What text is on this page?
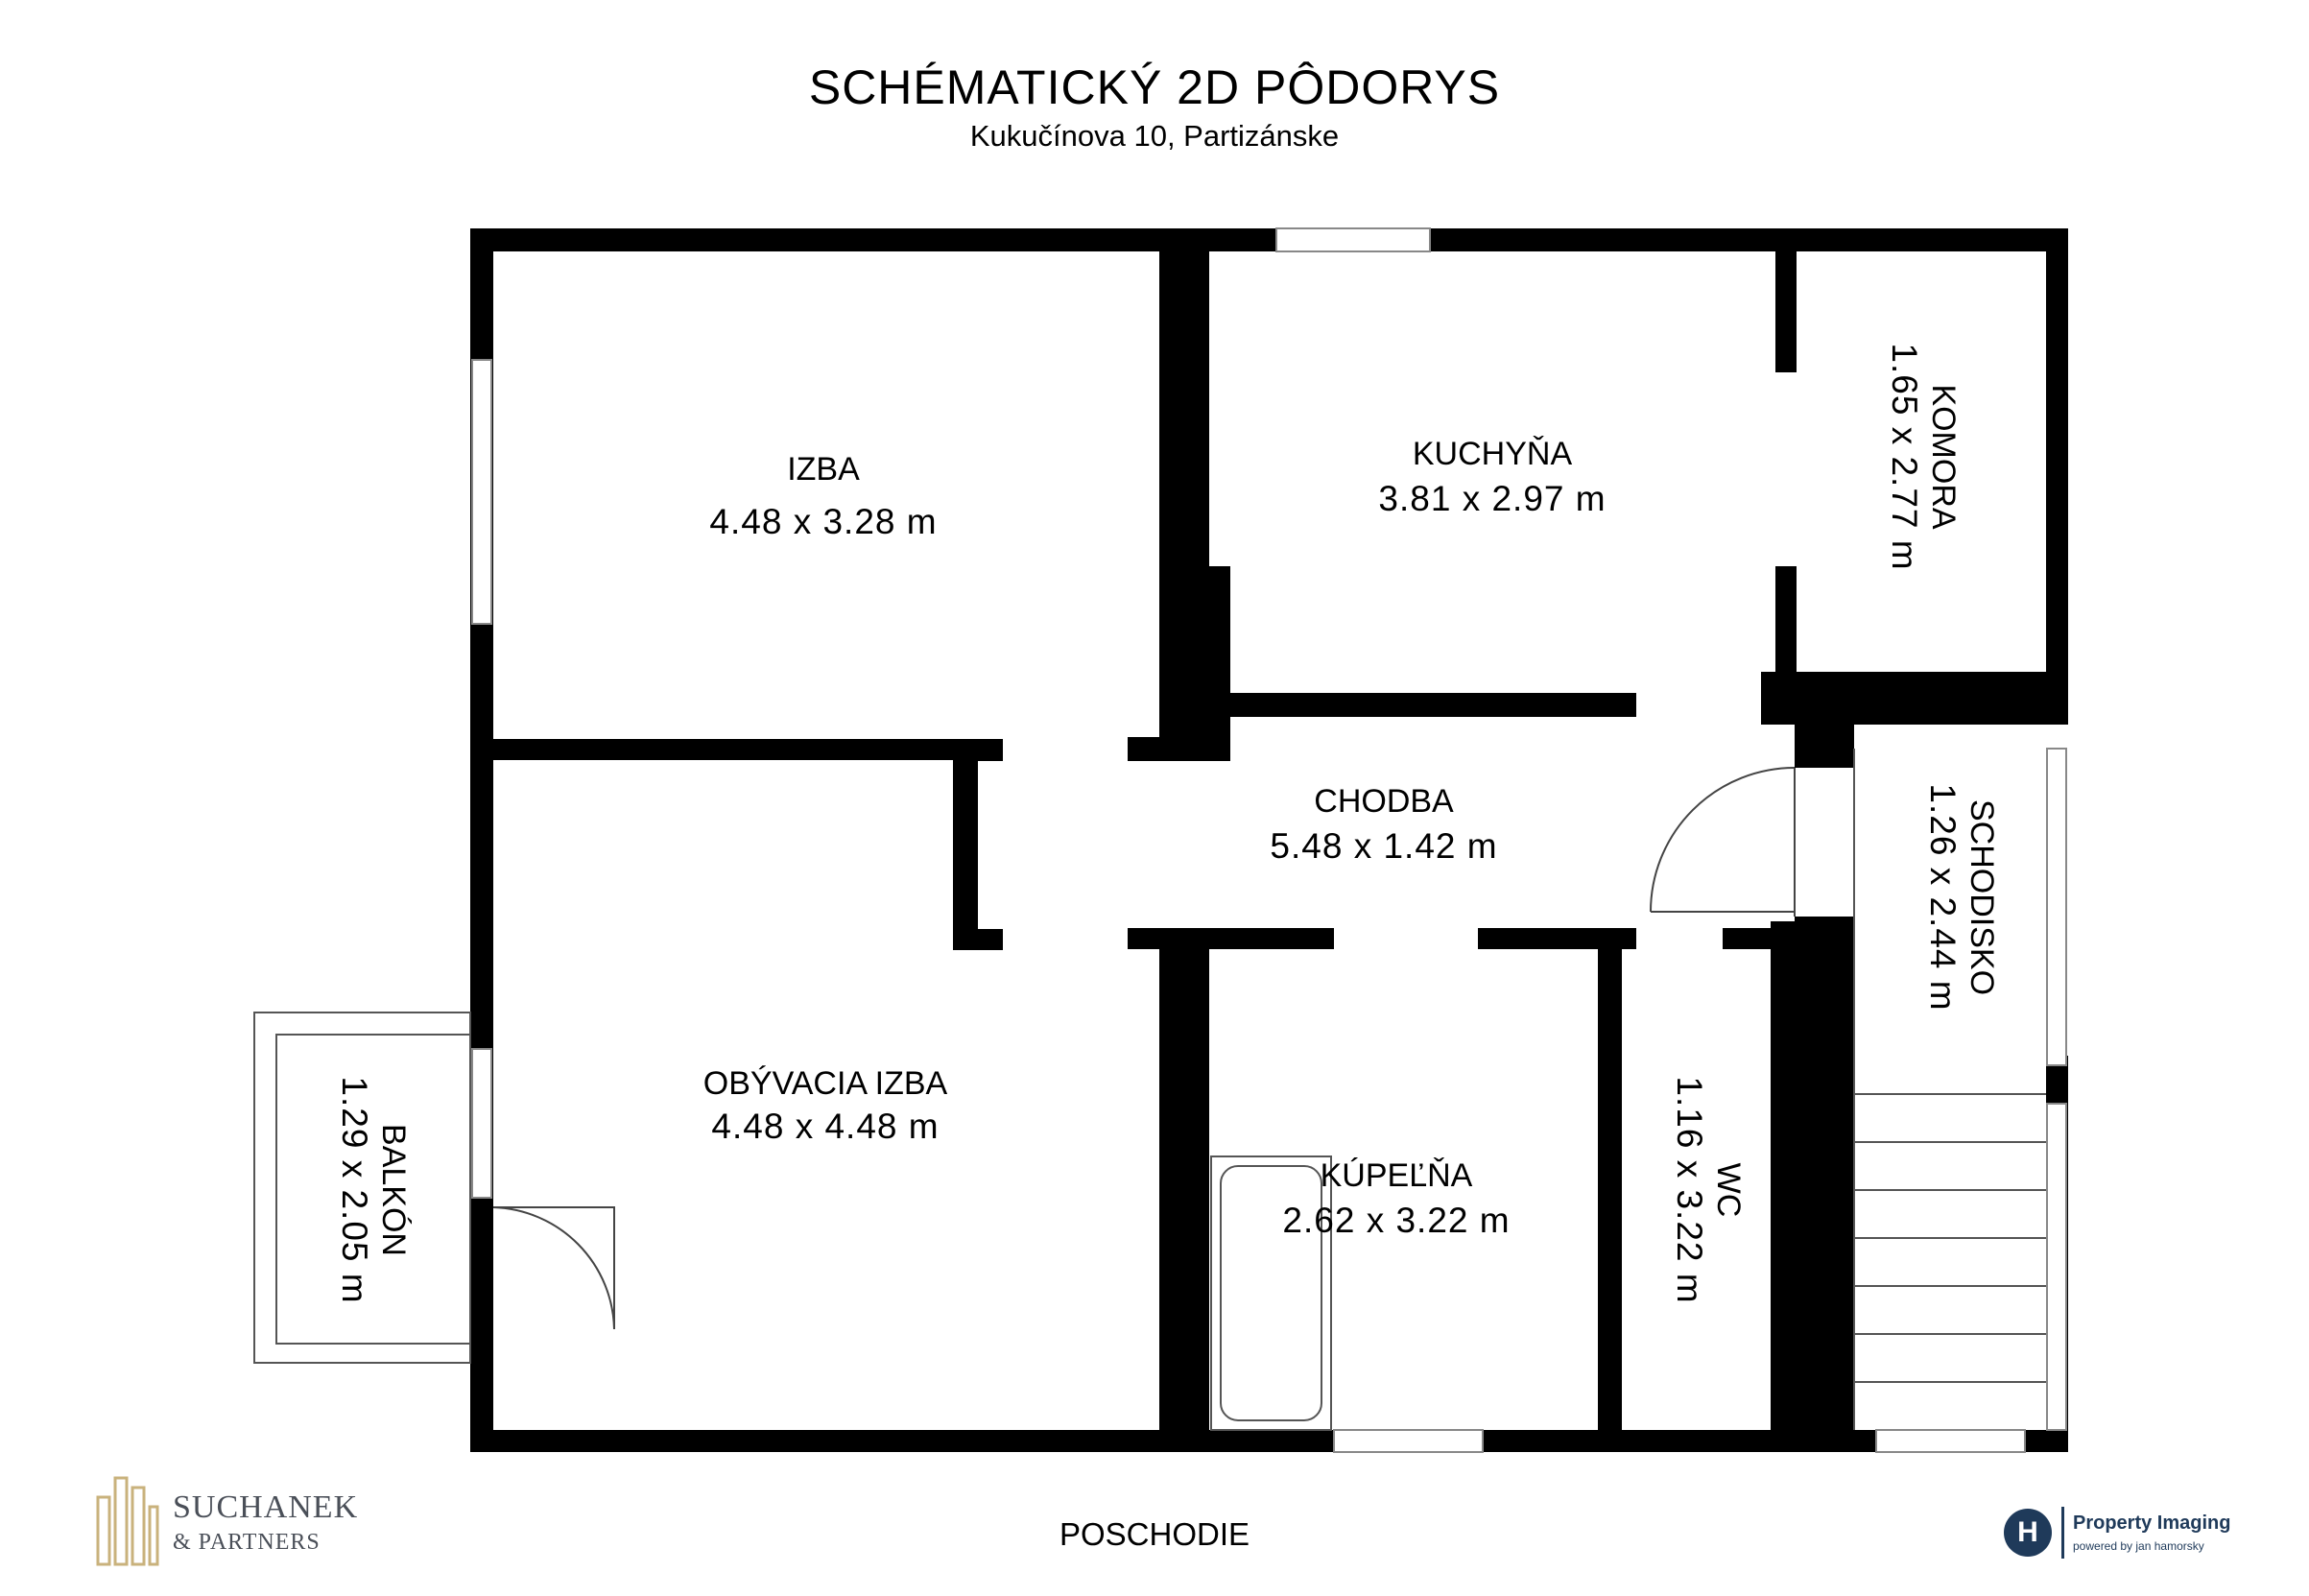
SCHÉMATICKÝ 2D PÔDORYS
Kukučínova 10, Partizánske
IZBA
4.48 x 3.28 m
KUCHYŇA
3.81 x 2.97 m
CHODBA
5.48 x 1.42 m
OBÝVACIA IZBA
4.48 x 4.48 m
KÚPEĽŇA
2.62 x 3.22 m
KOMORA
1.65 x 2.77 m
SCHODISKO
1.26 x 2.44 m
WC
1.16 x 3.22 m
BALKÓN
1.29 x 2.05 m
POSCHODIE
SUCHANEK
& PARTNERS	H	Property Imaging
powered by jan hamorsky
